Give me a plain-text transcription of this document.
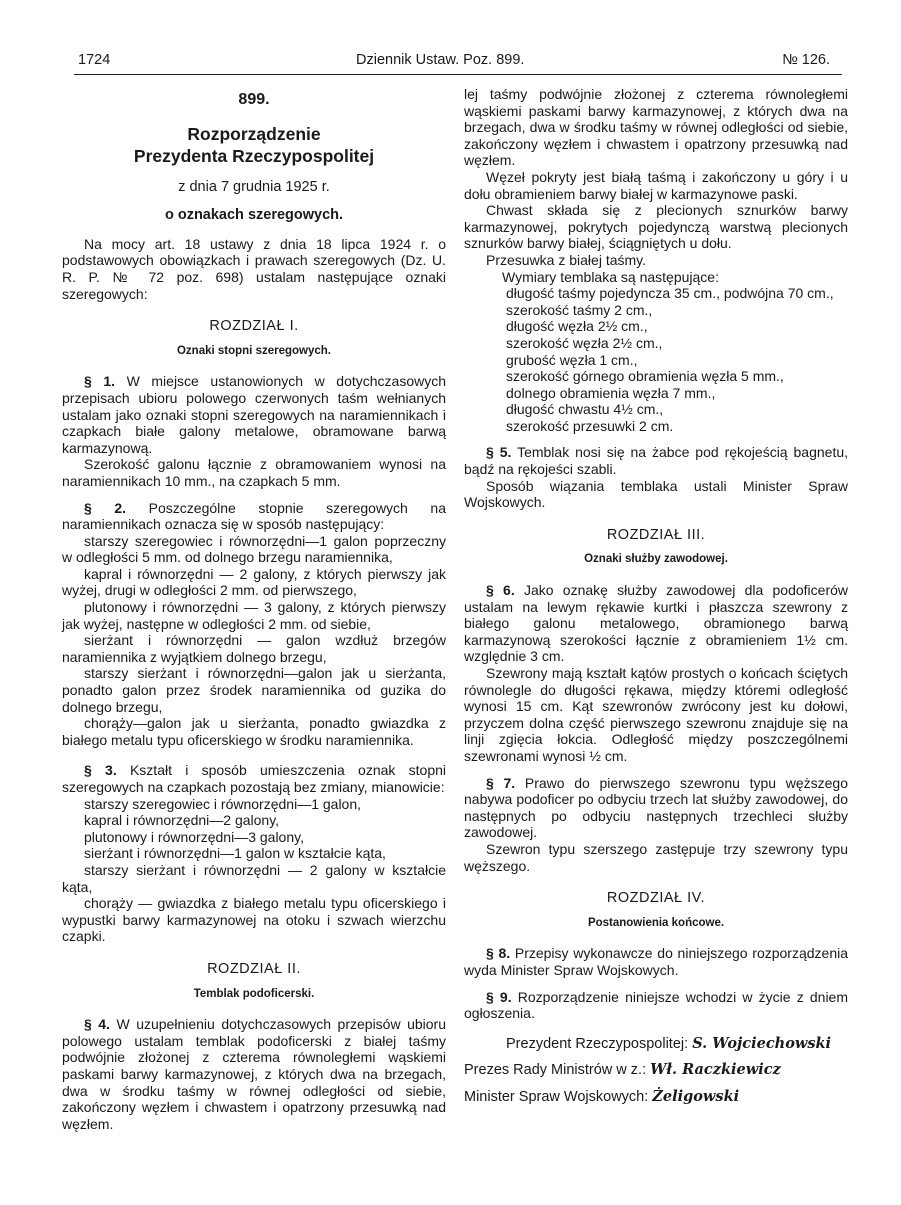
1724	Dziennik Ustaw. Poz. 899.	№ 126.

899.

Rozporządzenie

Prezydenta Rzeczypospolitej

z dnia 7 grudnia 1925 r.

o oznakach szeregowych.

Na mocy art. 18 ustawy z dnia 18 lipca 1924 r. o podstawowych obowiązkach i prawach szeregowych (Dz. U. R. P. № 72 poz. 698) ustalam następujące oznaki szeregowych:

ROZDZIAŁ I.

Oznaki stopni szeregowych.

§ 1. W miejsce ustanowionych w dotychczasowych przepisach ubioru polowego czerwonych taśm wełnianych ustalam jako oznaki stopni szeregowych na naramiennikach i czapkach białe galony metalowe, obramowane barwą karmazynową.

Szerokość galonu łącznie z obramowaniem wynosi na naramiennikach 10 mm., na czapkach 5 mm.

§ 2. Poszczególne stopnie szeregowych na naramiennikach oznacza się w sposób następujący:

starszy szeregowiec i równorzędni—1 galon poprzeczny w odległości 5 mm. od dolnego brzegu naramiennika,

kapral i równorzędni — 2 galony, z których pierwszy jak wyżej, drugi w odległości 2 mm. od pierwszego,

plutonowy i równorzędni — 3 galony, z których pierwszy jak wyżej, następne w odległości 2 mm. od siebie,

sierżant i równorzędni — galon wzdłuż brzegów naramiennika z wyjątkiem dolnego brzegu,

starszy sierżant i równorzędni—galon jak u sierżanta, ponadto galon przez środek naramiennika od guzika do dolnego brzegu,

chorąży—galon jak u sierżanta, ponadto gwiazdka z białego metalu typu oficerskiego w środku naramiennika.

§ 3. Kształt i sposób umieszczenia oznak stopni szeregowych na czapkach pozostają bez zmiany, mianowicie:

starszy szeregowiec i równorzędni—1 galon,

kapral i równorzędni—2 galony,

plutonowy i równorzędni—3 galony,

sierżant i równorzędni—1 galon w kształcie kąta,

starszy sierżant i równorzędni — 2 galony w kształcie kąta,

chorąży — gwiazdka z białego metalu typu oficerskiego i wypustki barwy karmazynowej na otoku i szwach wierzchu czapki.

ROZDZIAŁ II.

Temblak podoficerski.

§ 4. W uzupełnieniu dotychczasowych przepisów ubioru polowego ustalam temblak podoficerski z białej taśmy podwójnie złożonej z czterema równoległemi wąskiemi paskami barwy karmazynowej, z których dwa na brzegach, dwa w środku taśmy w równej odległości od siebie, zakończony węzłem i chwastem i opatrzony przesuwką nad węzłem.

lej taśmy podwójnie złożonej z czterema równoległemi wąskiemi paskami barwy karmazynowej, z których dwa na brzegach, dwa w środku taśmy w równej odległości od siebie, zakończony węzłem i chwastem i opatrzony przesuwką nad węzłem.

Węzeł pokryty jest białą taśmą i zakończony u góry i u dołu obramieniem barwy białej w karmazynowe paski.

Chwast składa się z plecionych sznurków barwy karmazynowej, pokrytych pojedynczą warstwą plecionych sznurków barwy białej, ściągniętych u dołu.

Przesuwka z białej taśmy.

Wymiary temblaka są następujące:

długość taśmy pojedyncza 35 cm., podwójna 70 cm.,

szerokość taśmy 2 cm.,

długość węzła 2½ cm.,

szerokość węzła 2½ cm.,

grubość węzła 1 cm.,

szerokość górnego obramienia węzła 5 mm.,

dolnego obramienia węzła 7 mm.,

długość chwastu 4½ cm.,

szerokość przesuwki 2 cm.

§ 5. Temblak nosi się na żabce pod rękojeścią bagnetu, bądź na rękojeści szabli.

Sposób wiązania temblaka ustali Minister Spraw Wojskowych.

ROZDZIAŁ III.

Oznaki służby zawodowej.

§ 6. Jako oznakę służby zawodowej dla podoficerów ustalam na lewym rękawie kurtki i płaszcza szewrony z białego galonu metalowego, obramionego barwą karmazynową szerokości łącznie z obramieniem 1½ cm. względnie 3 cm.

Szewrony mają kształt kątów prostych o końcach ściętych równolegle do długości rękawa, między któremi odległość wynosi 15 cm. Kąt szewronów zwrócony jest ku dołowi, przyczem dolna część pierwszego szewronu znajduje się na linji zgięcia łokcia. Odległość między poszczególnemi szewronami wynosi ½ cm.

§ 7. Prawo do pierwszego szewronu typu węższego nabywa podoficer po odbyciu trzech lat służby zawodowej, do następnych po odbyciu następnych trzechleci służby zawodowej.

Szewron typu szerszego zastępuje trzy szewrony typu węższego.

ROZDZIAŁ IV.

Postanowienia końcowe.

§ 8. Przepisy wykonawcze do niniejszego rozporządzenia wyda Minister Spraw Wojskowych.

§ 9. Rozporządzenie niniejsze wchodzi w życie z dniem ogłoszenia.

Prezydent Rzeczypospolitej: S. Wojciechowski

Prezes Rady Ministrów w z.: Wł. Raczkiewicz

Minister Spraw Wojskowych: Żeligowski
